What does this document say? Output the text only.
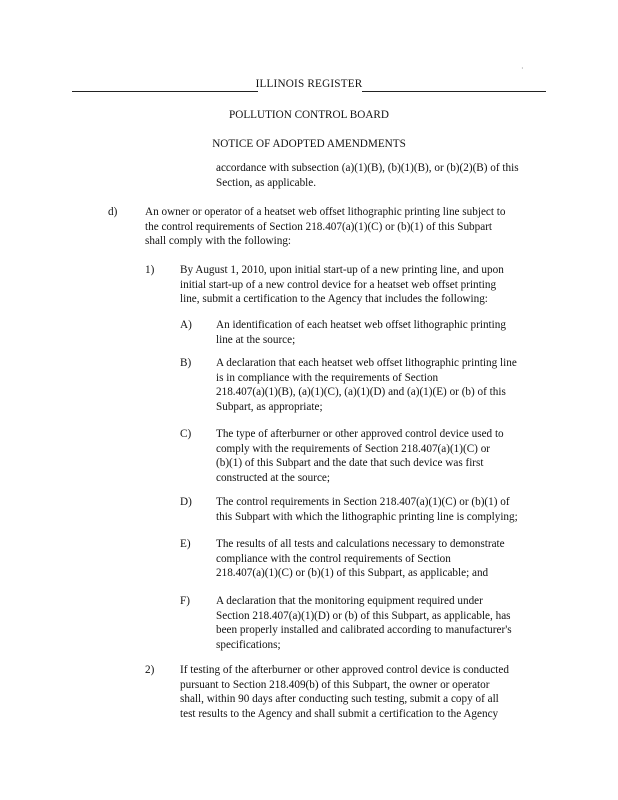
·
ILLINOIS REGISTER
POLLUTION CONTROL BOARD
NOTICE OF ADOPTED AMENDMENTS
accordance with subsection (a)(1)(B), (b)(1)(B), or (b)(2)(B) of this
Section, as applicable.
d) An owner or operator of a heatset web offset lithographic printing line subject to
the control requirements of Section 218.407(a)(1)(C) or (b)(1) of this Subpart
shall comply with the following:
1) By August 1, 2010, upon initial start-up of a new printing line, and upon
initial start-up of a new control device for a heatset web offset printing
line, submit a certification to the Agency that includes the following:
A) An identification of each heatset web offset lithographic printing
line at the source;
B) A declaration that each heatset web offset lithographic printing line
is in compliance with the requirements of Section
218.407(a)(1)(B), (a)(1)(C), (a)(1)(D) and (a)(1)(E) or (b) of this
Subpart, as appropriate;
C) The type of afterburner or other approved control device used to
comply with the requirements of Section 218.407(a)(1)(C) or
(b)(1) of this Subpart and the date that such device was first
constructed at the source;
D) The control requirements in Section 218.407(a)(1)(C) or (b)(1) of
this Subpart with which the lithographic printing line is complying;
E) The results of all tests and calculations necessary to demonstrate
compliance with the control requirements of Section
218.407(a)(1)(C) or (b)(1) of this Subpart, as applicable; and
F) A declaration that the monitoring equipment required under
Section 218.407(a)(1)(D) or (b) of this Subpart, as applicable, has
been properly installed and calibrated according to manufacturer's
specifications;
2) If testing of the afterburner or other approved control device is conducted
pursuant to Section 218.409(b) of this Subpart, the owner or operator
shall, within 90 days after conducting such testing, submit a copy of all
test results to the Agency and shall submit a certification to the Agency
